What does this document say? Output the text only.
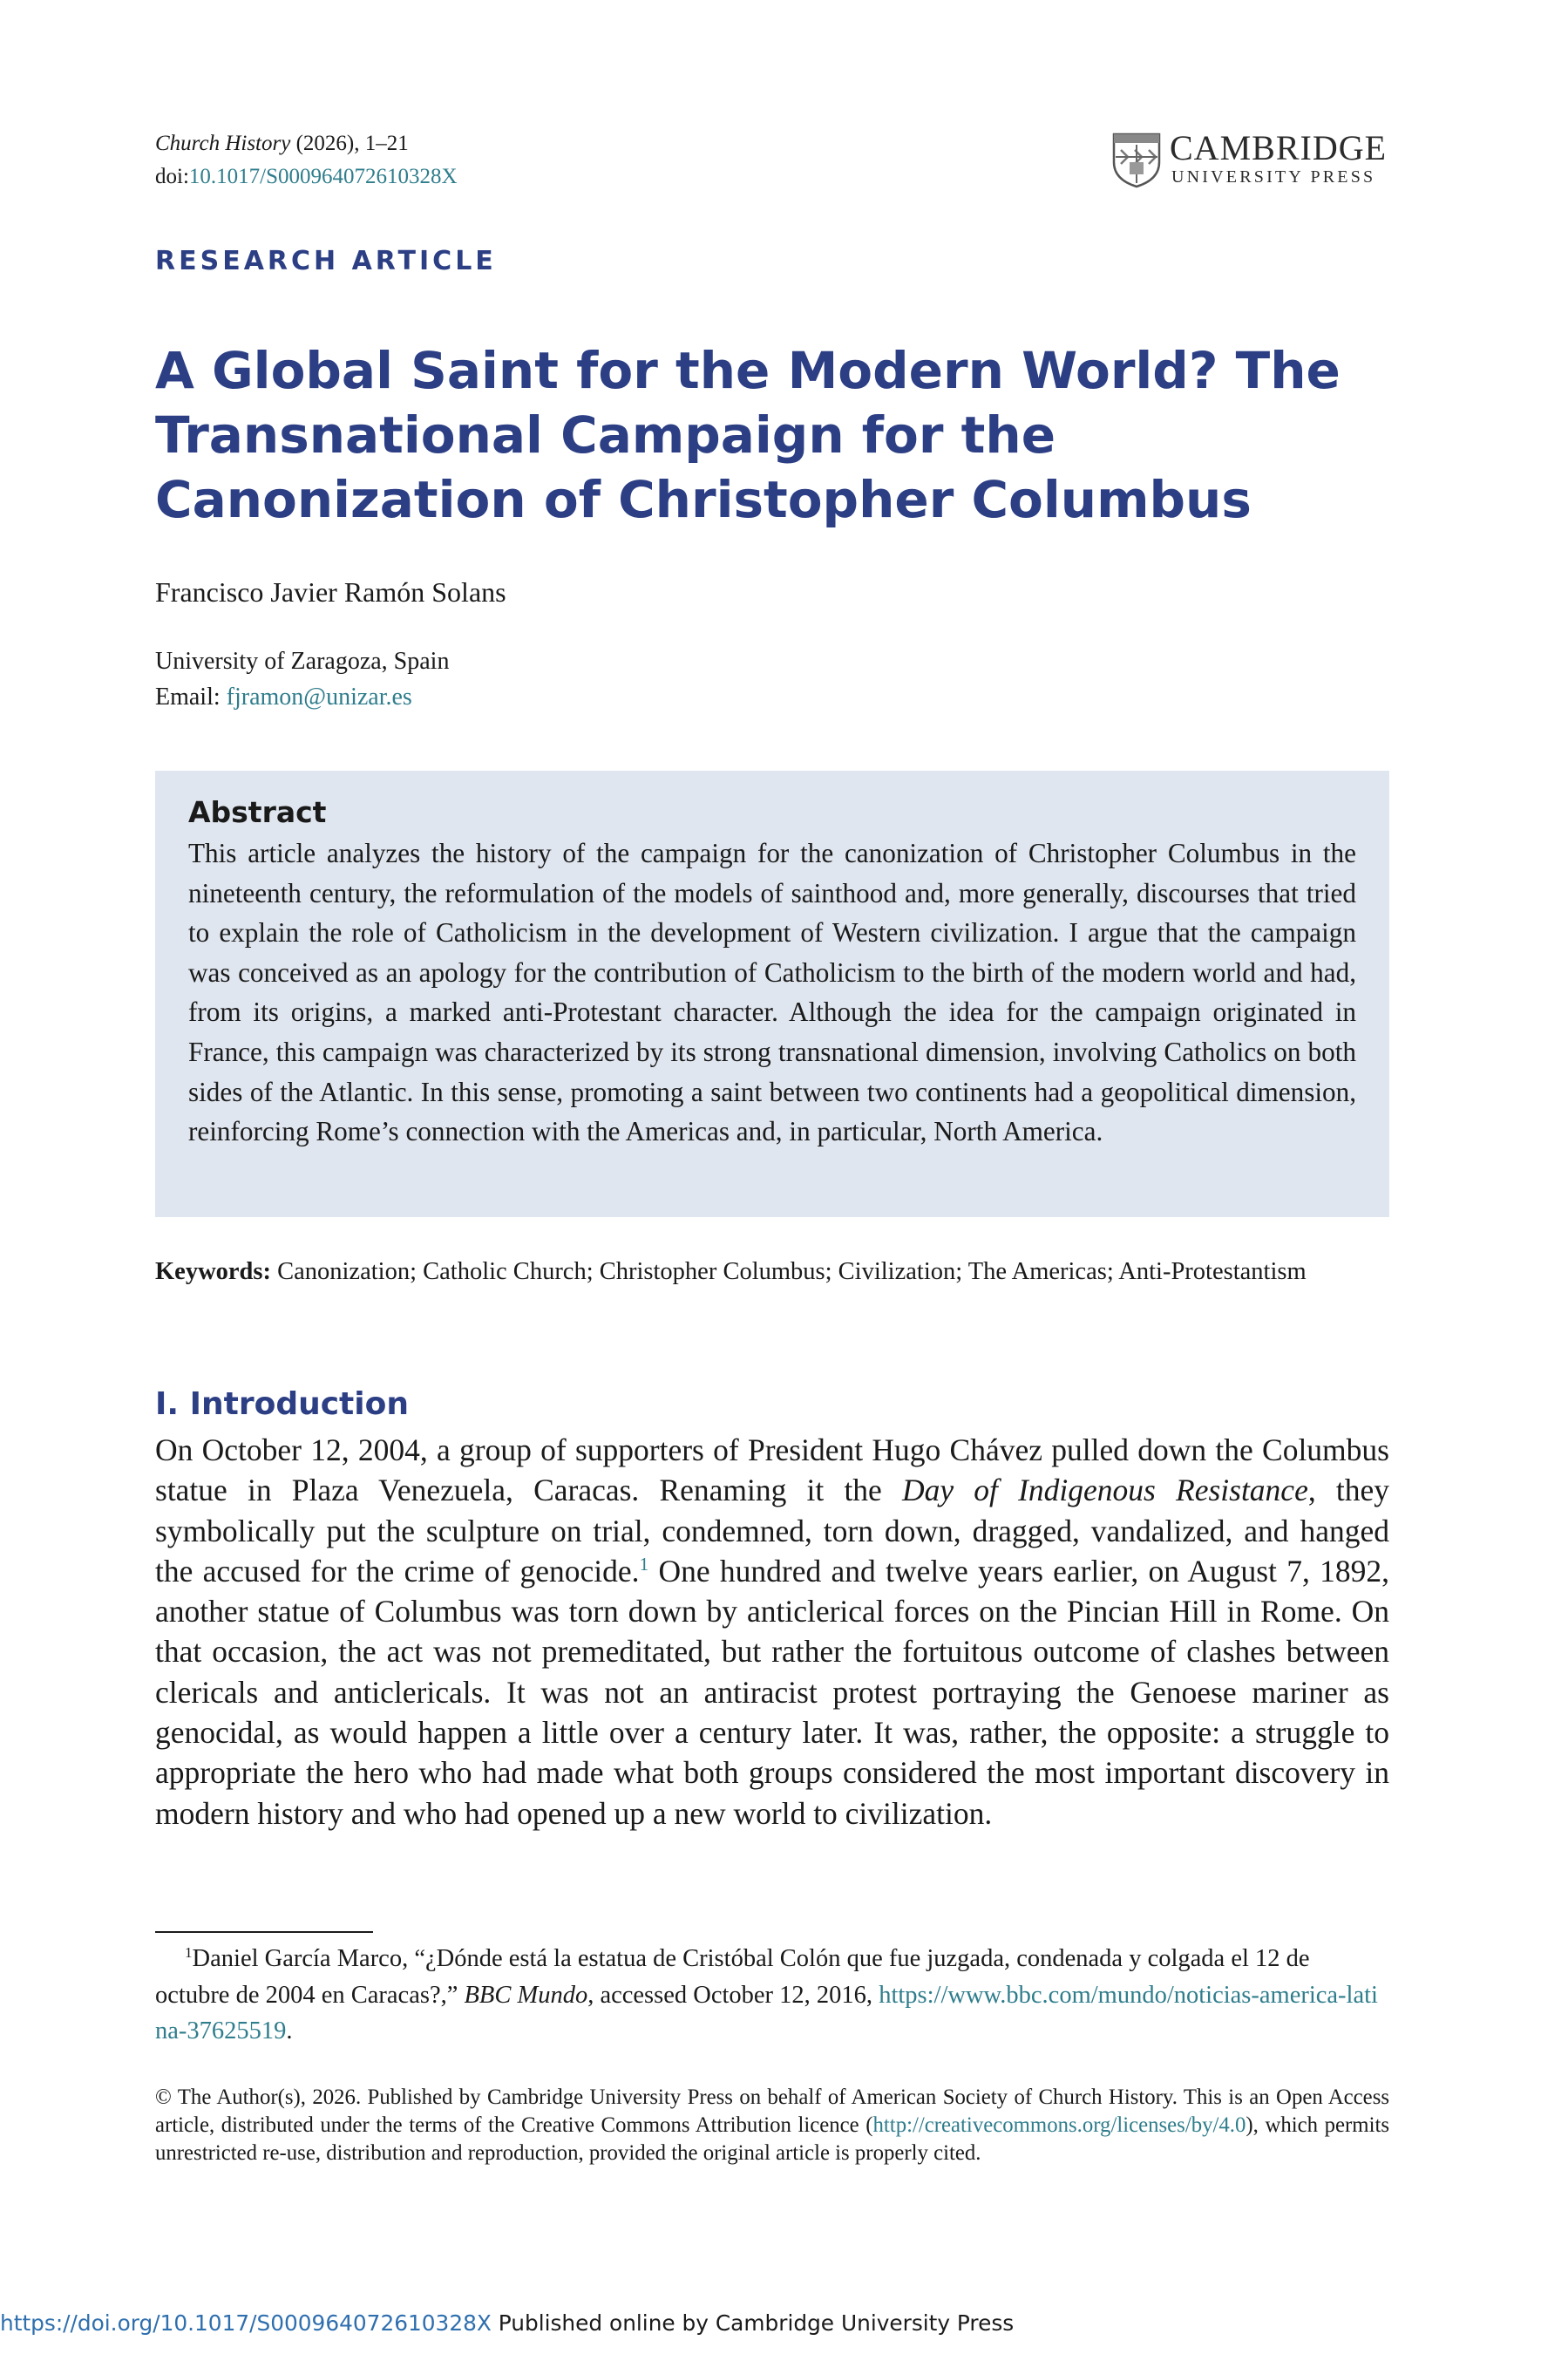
Church History (2026), 1–21
doi:10.1017/S000964072610328X
CAMBRIDGE
UNIVERSITY PRESS
RESEARCH ARTICLE
A Global Saint for the Modern World? The Transnational Campaign for the Canonization of Christopher Columbus
Francisco Javier Ramón Solans
University of Zaragoza, Spain
Email: fjramon@unizar.es
Abstract

This article analyzes the history of the campaign for the canonization of Christopher Columbus in the nineteenth century, the reformulation of the models of sainthood and, more generally, discourses that tried to explain the role of Catholicism in the development of Western civilization. I argue that the campaign was conceived as an apology for the contribution of Catholicism to the birth of the modern world and had, from its origins, a marked anti-Protestant character. Although the idea for the campaign originated in France, this campaign was characterized by its strong transnational dimension, involving Catholics on both sides of the Atlantic. In this sense, promoting a saint between two continents had a geopolitical dimension, reinforcing Rome’s connection with the Americas and, in particular, North America.

Keywords: Canonization; Catholic Church; Christopher Columbus; Civilization; The Americas; Anti-Protestantism

I. Introduction

On October 12, 2004, a group of supporters of President Hugo Chávez pulled down the Columbus statue in Plaza Venezuela, Caracas. Renaming it the Day of Indigenous Resistance, they symbolically put the sculpture on trial, condemned, torn down, dragged, vandalized, and hanged the accused for the crime of genocide.$^1$ One hundred and twelve years earlier, on August 7, 1892, another statue of Columbus was torn down by anticlerical forces on the Pincian Hill in Rome. On that occasion, the act was not premeditated, but rather the fortuitous outcome of clashes between clericals and anticlericals. It was not an antiracist protest portraying the Genoese mariner as genocidal, as would happen a little over a century later. It was, rather, the opposite: a struggle to appropriate the hero who had made what both groups considered the most important discovery in modern history and who had opened up a new world to civilization.

$^1$Daniel García Marco, “¿Dónde está la estatua de Cristóbal Colón que fue juzgada, condenada y colgada el 12 de octubre de 2004 en Caracas?,” BBC Mundo, accessed October 12, 2016, https://www.bbc.com/mundo/noticias-america-latina-37625519.

© The Author(s), 2026. Published by Cambridge University Press on behalf of American Society of Church History. This is an Open Access article, distributed under the terms of the Creative Commons Attribution licence (http://creativecommons.org/licenses/by/4.0), which permits unrestricted re-use, distribution and reproduction, provided the original article is properly cited.

https://doi.org/10.1017/S000964072610328X Published online by Cambridge University Press
